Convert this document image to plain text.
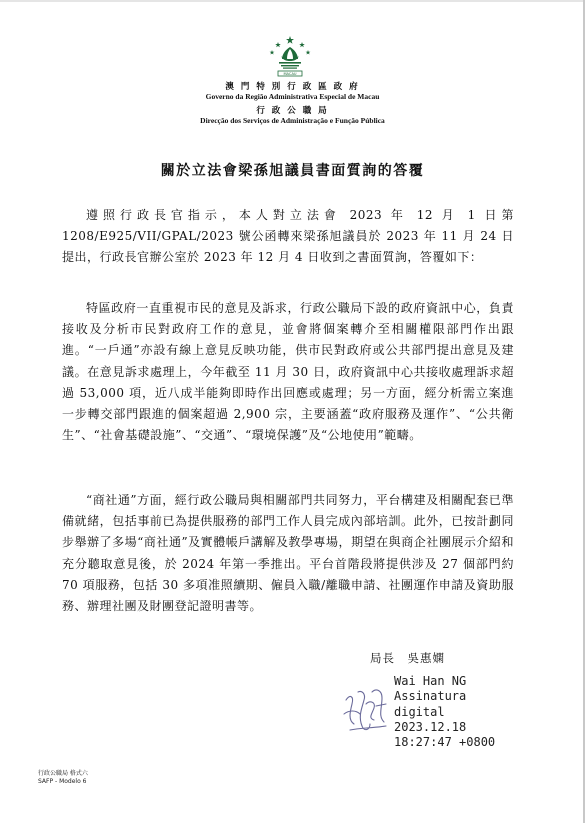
MACAU
澳 門 特 別 行 政 區 政 府
Governo da Região Administrativa Especial de Macau
行 政 公 職 局
Direcção dos Serviços de Administração e Função Pública
關於立法會梁孫旭議員書面質詢的答覆

遵照行政長官指示，本人對立法會 2023 年 12 月 1 日第 1208/E925/VII/GPAL/2023 號公函轉來梁孫旭議員於 2023 年 11 月 24 日提出，行政長官辦公室於 2023 年 12 月 4 日收到之書面質詢，答覆如下：

特區政府一直重視市民的意見及訴求，行政公職局下設的政府資訊中心，負責接收及分析市民對政府工作的意見，並會將個案轉介至相關權限部門作出跟進。“一戶通”亦設有線上意見反映功能，供市民對政府或公共部門提出意見及建議。在意見訴求處理上，今年截至 11 月 30 日，政府資訊中心共接收處理訴求超過 53,000 項，近八成半能夠即時作出回應或處理；另一方面，經分析需立案進一步轉交部門跟進的個案超過 2,900 宗，主要涵蓋“政府服務及運作”、“公共衛生”、“社會基礎設施”、“交通”、“環境保護”及“公地使用”範疇。

“商社通”方面，經行政公職局與相關部門共同努力，平台構建及相關配套已準備就緒，包括事前已為提供服務的部門工作人員完成內部培訓。此外，已按計劃同步舉辦了多場“商社通”及實體帳戶講解及教學專場，期望在與商企社團展示介紹和充分聽取意見後，於 2024 年第一季推出。平台首階段將提供涉及 27 個部門約 70 項服務，包括 30 多項准照續期、僱員入職/離職申請、社團運作申請及資助服務、辦理社團及財團登記證明書等。

局長　吳惠嫻
Wai Han NG
Assinatura
digital
2023.12.18
18:27:47 +0800
行政公職局 格式六
SAFP - Modelo 6
